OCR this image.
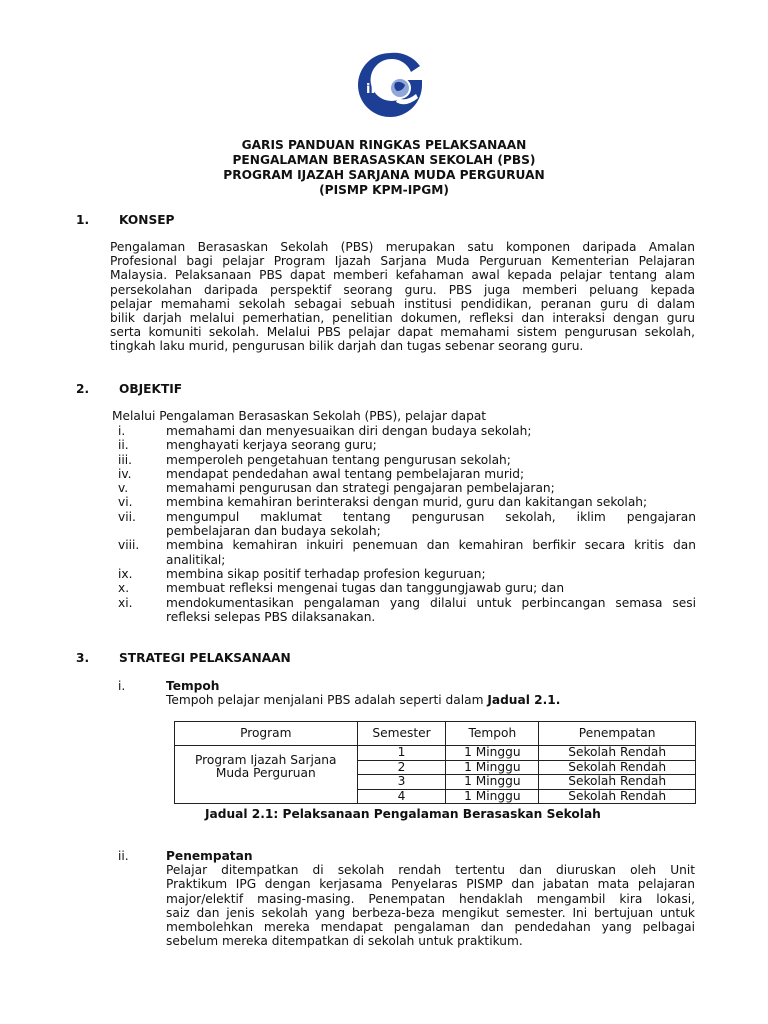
iPG
GARIS PANDUAN RINGKAS PELAKSANAAN
PENGALAMAN BERASASKAN SEKOLAH (PBS)
PROGRAM IJAZAH SARJANA MUDA PERGURUAN
(PISMP KPM-IPGM)
1. KONSEP
Pengalaman Berasaskan Sekolah (PBS) merupakan satu komponen daripada Amalan
Profesional bagi pelajar Program Ijazah Sarjana Muda Perguruan Kementerian Pelajaran
Malaysia. Pelaksanaan PBS dapat memberi kefahaman awal kepada pelajar tentang alam
persekolahan daripada perspektif seorang guru. PBS juga memberi peluang kepada
pelajar memahami sekolah sebagai sebuah institusi pendidikan, peranan guru di dalam
bilik darjah melalui pemerhatian, penelitian dokumen, refleksi dan interaksi dengan guru
serta komuniti sekolah. Melalui PBS pelajar dapat memahami sistem pengurusan sekolah,
tingkah laku murid, pengurusan bilik darjah dan tugas sebenar seorang guru.
2. OBJEKTIF
Melalui Pengalaman Berasaskan Sekolah (PBS), pelajar dapat
i.	memahami dan menyesuaikan diri dengan budaya sekolah;
ii.	menghayati kerjaya seorang guru;
iii.	memperoleh pengetahuan tentang pengurusan sekolah;
iv.	mendapat pendedahan awal tentang pembelajaran murid;
v.	memahami pengurusan dan strategi pengajaran pembelajaran;
vi.	membina kemahiran berinteraksi dengan murid, guru dan kakitangan sekolah;
vii.	mengumpul maklumat tentang pengurusan sekolah, iklim pengajaran
pembelajaran dan budaya sekolah;
viii.	membina kemahiran inkuiri penemuan dan kemahiran berfikir secara kritis dan
analitikal;
ix.	membina sikap positif terhadap profesion keguruan;
x.	membuat refleksi mengenai tugas dan tanggungjawab guru; dan
xi.	mendokumentasikan pengalaman yang dilalui untuk perbincangan semasa sesi
refleksi selepas PBS dilaksanakan.
3. STRATEGI PELAKSANAAN
i.	Tempoh
Tempoh pelajar menjalani PBS adalah seperti dalam Jadual 2.1.
Program	Semester	Tempoh	Penempatan

Program Ijazah Sarjana
Muda Perguruan	1	1 Minggu	Sekolah Rendah
	2	1 Minggu	Sekolah Rendah
	3	1 Minggu	Sekolah Rendah
	4	1 Minggu	Sekolah Rendah
Jadual 2.1: Pelaksanaan Pengalaman Berasaskan Sekolah
ii.	Penempatan
Pelajar ditempatkan di sekolah rendah tertentu dan diuruskan oleh Unit
Praktikum IPG dengan kerjasama Penyelaras PISMP dan jabatan mata pelajaran
major/elektif masing-masing. Penempatan hendaklah mengambil kira lokasi,
saiz dan jenis sekolah yang berbeza-beza mengikut semester. Ini bertujuan untuk
membolehkan mereka mendapat pengalaman dan pendedahan yang pelbagai
sebelum mereka ditempatkan di sekolah untuk praktikum.
